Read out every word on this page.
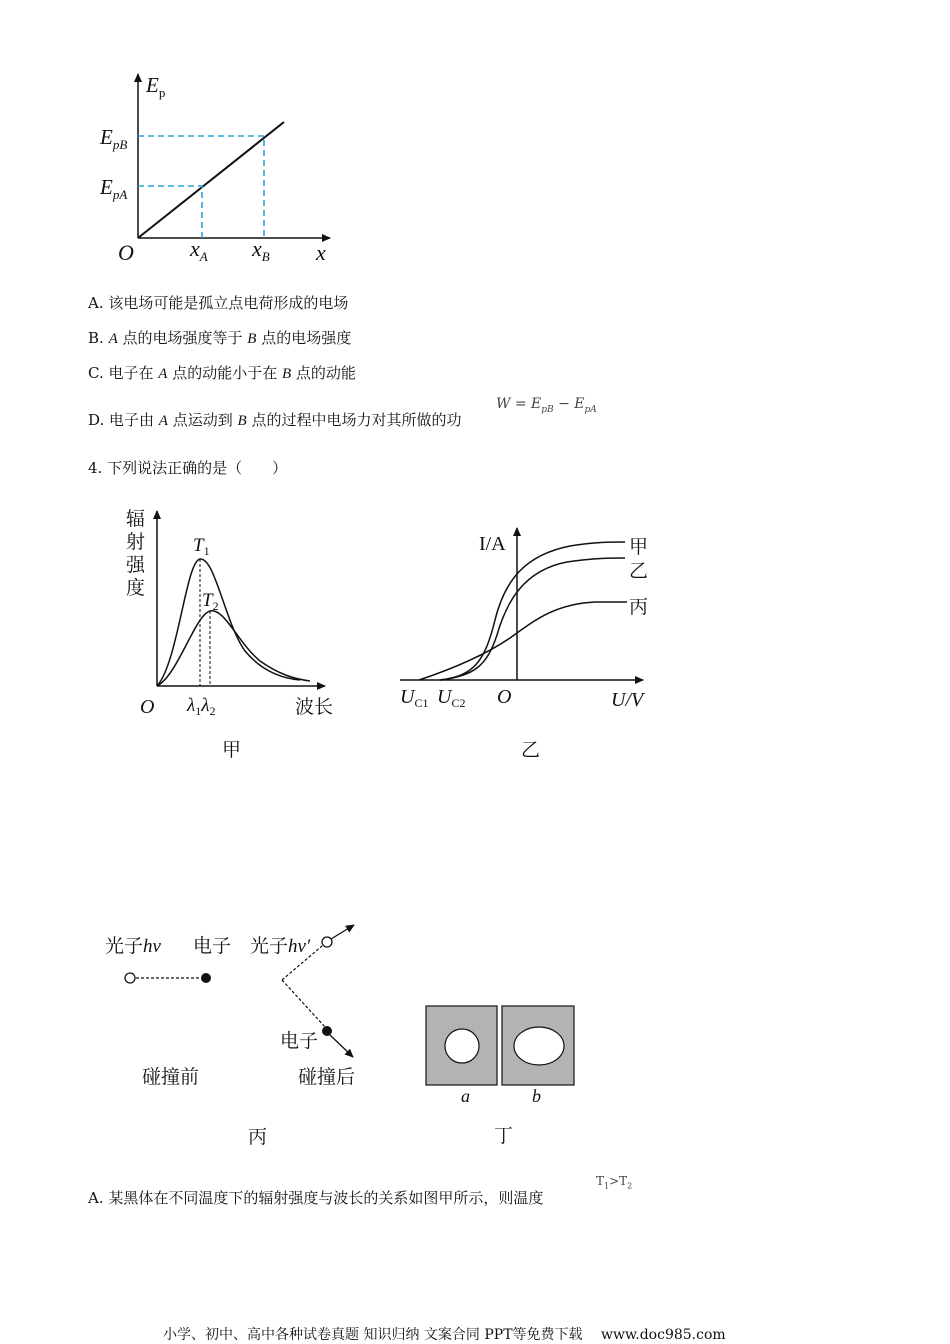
$E_p$
$E_{pB}$
$E_{pA}$
O	$x_A$ $x_B$ x
A. 该电场可能是孤立点电荷形成的电场
B. A 点的电场强度等于 B 点的电场强度
C. 电子在 A 点的动能小于在 B 点的动能
D. 电子由 A 点运动到 B 点的过程中电场力对其所做的功
$W = E_{pB} - E_{pA}$
4. 下列说法正确的是（　　）
辐
射
强
度
$T_1$
$T_2$
O $\lambda_1\lambda_2$	波长
甲
I/A	甲
乙
丙
$U_{C1}$ $U_{C2}$ O	U/V
乙
光子hν 电子 光子hν′
电子
碰撞前	碰撞后
丙
a	b
丁
A. 某黑体在不同温度下的辐射强度与波长的关系如图甲所示，则温度
$T_1>T_2$
小学、初中、高中各种试卷真题 知识归纳 文案合同 PPT等免费下载 www.doc985.com
